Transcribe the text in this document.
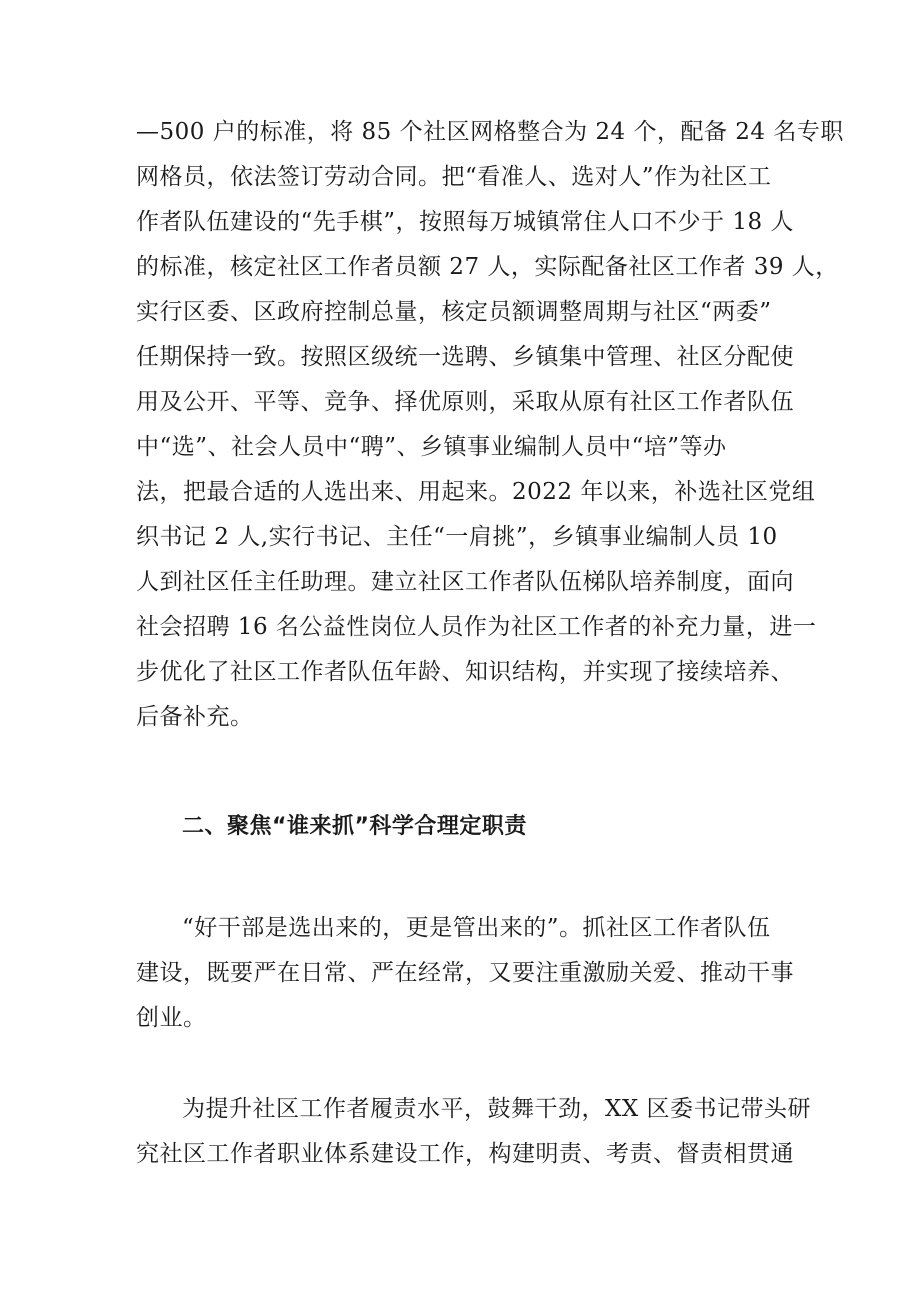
—500 户的标准，将 85 个社区网格整合为 24 个，配备 24 名专职
网格员，依法签订劳动合同。把“看准人、选对人”作为社区工
作者队伍建设的“先手棋”，按照每万城镇常住人口不少于 18 人
的标准，核定社区工作者员额 27 人，实际配备社区工作者 39 人，
实行区委、区政府控制总量，核定员额调整周期与社区“两委”
任期保持一致。按照区级统一选聘、乡镇集中管理、社区分配使
用及公开、平等、竞争、择优原则，采取从原有社区工作者队伍
中“选”、社会人员中“聘”、乡镇事业编制人员中“培”等办
法，把最合适的人选出来、用起来。2022 年以来，补选社区党组
织书记 2 人,实行书记、主任“一肩挑”，乡镇事业编制人员 10
人到社区任主任助理。建立社区工作者队伍梯队培养制度，面向
社会招聘 16 名公益性岗位人员作为社区工作者的补充力量，进一
步优化了社区工作者队伍年龄、知识结构，并实现了接续培养、
后备补充。
二、聚焦“谁来抓”科学合理定职责
“好干部是选出来的，更是管出来的”。抓社区工作者队伍
建设，既要严在日常、严在经常，又要注重激励关爱、推动干事
创业。
为提升社区工作者履责水平，鼓舞干劲，XX 区委书记带头研
究社区工作者职业体系建设工作，构建明责、考责、督责相贯通
